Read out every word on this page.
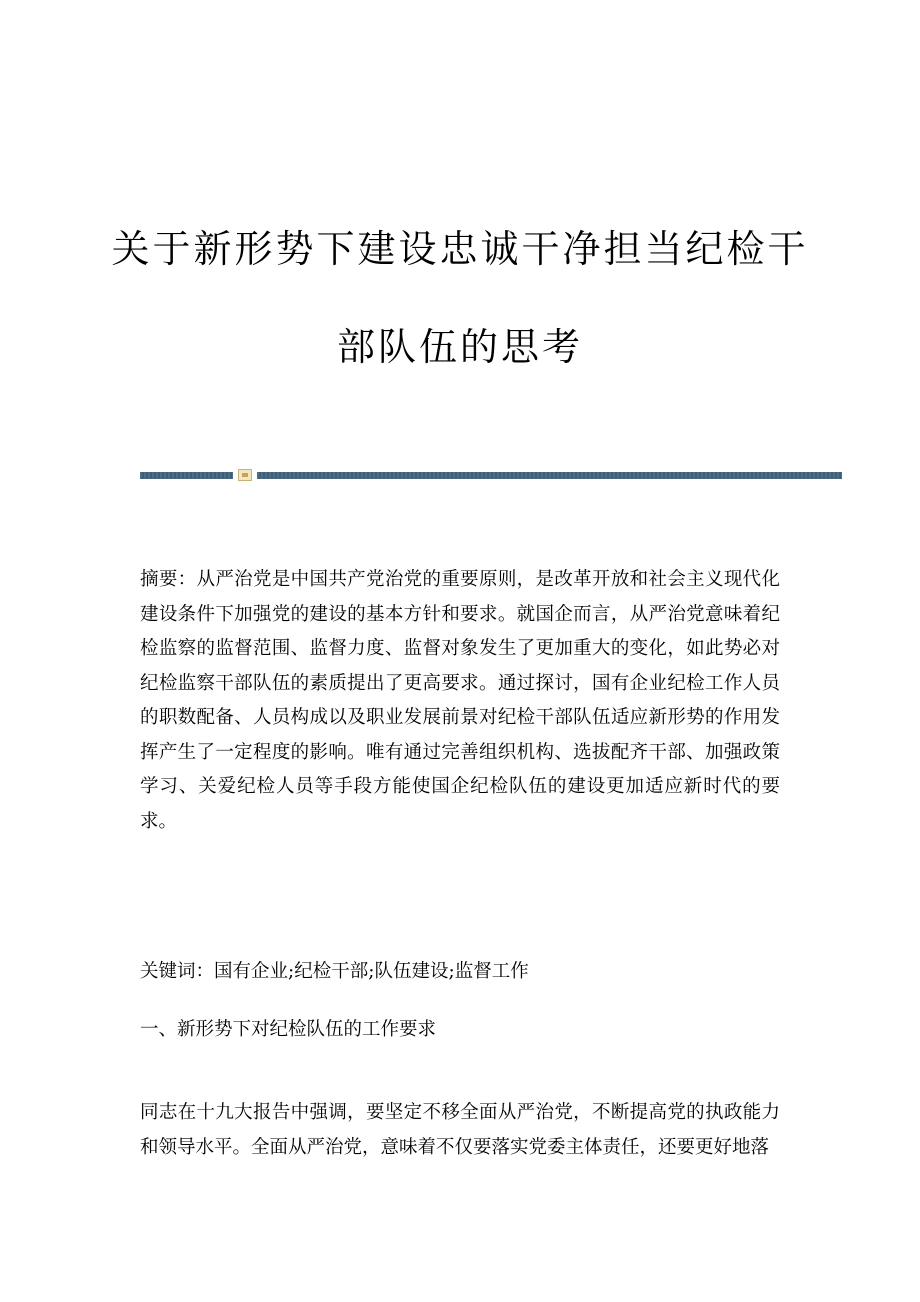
关于新形势下建设忠诚干净担当纪检干
部队伍的思考

摘要：从严治党是中国共产党治党的重要原则，是改革开放和社会主义现代化建设条件下加强党的建设的基本方针和要求。就国企而言，从严治党意味着纪检监察的监督范围、监督力度、监督对象发生了更加重大的变化，如此势必对纪检监察干部队伍的素质提出了更高要求。通过探讨，国有企业纪检工作人员的职数配备、人员构成以及职业发展前景对纪检干部队伍适应新形势的作用发挥产生了一定程度的影响。唯有通过完善组织机构、选拔配齐干部、加强政策学习、关爱纪检人员等手段方能使国企纪检队伍的建设更加适应新时代的要求。

关键词：国有企业;纪检干部;队伍建设;监督工作

一、新形势下对纪检队伍的工作要求

同志在十九大报告中强调，要坚定不移全面从严治党，不断提高党的执政能力和领导水平。全面从严治党，意味着不仅要落实党委主体责任，还要更好地落
